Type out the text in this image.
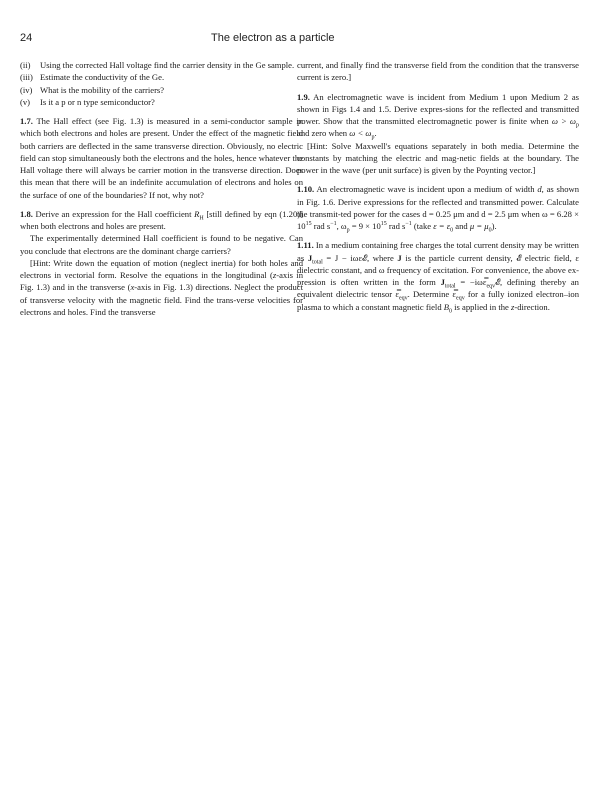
24	The electron as a particle

(ii) Using the corrected Hall voltage find the carrier density in the Ge sample.

(iii) Estimate the conductivity of the Ge.

(iv) What is the mobility of the carriers?

(v) Is it a p or n type semiconductor?

1.7. The Hall effect (see Fig. 1.3) is measured in a semi-conductor sample in which both electrons and holes are present. Under the effect of the magnetic field both carriers are deflected in the same transverse direction. Obviously, no electric field can stop simultaneously both the electrons and the holes, hence whatever the Hall voltage there will always be carrier motion in the transverse direction. Does this mean that there will be an indefinite accumulation of electrons and holes on the surface of one of the boundaries? If not, why not?

1.8. Derive an expression for the Hall coefficient $R_H$ [still defined by eqn (1.20)] when both electrons and holes are present.

The experimentally determined Hall coefficient is found to be negative. Can you conclude that electrons are the dominant charge carriers?

[Hint: Write down the equation of motion (neglect inertia) for both holes and electrons in vectorial form. Resolve the equations in the longitudinal (z-axis in Fig. 1.3) and in the transverse (x-axis in Fig. 1.3) directions. Neglect the product of transverse velocity with the magnetic field. Find the trans-verse velocities for electrons and holes. Find the transverse

current, and finally find the transverse field from the condition that the transverse current is zero.]

1.9. An electromagnetic wave is incident from Medium 1 upon Medium 2 as shown in Figs 1.4 and 1.5. Derive expres-sions for the reflected and transmitted power. Show that the transmitted electromagnetic power is finite when $\omega > \omega_p$ and zero when $\omega < \omega_p$.

[Hint: Solve Maxwell's equations separately in both media. Determine the constants by matching the electric and mag-netic fields at the boundary. The power in the wave (per unit surface) is given by the Poynting vector.]

1.10. An electromagnetic wave is incident upon a medium of width d, as shown in Fig. 1.6. Derive expressions for the reflected and transmitted power. Calculate the transmit-ted power for the cases d = 0.25 μm and d = 2.5 μm when $\omega = 6.28 \times 10^{15}$ rad $s^{-1}$, $\omega_p = 9 \times 10^{15}$ rad $s^{-1}$ (take $\varepsilon = \varepsilon_0$ and $\mu = \mu_0$).

1.11. In a medium containing free charges the total current density may be written as $J_{total} = J$ − iωε𝓔, where J is the particle current density, 𝓔 electric field, ε dielectric constant, and ω frequency of excitation. For convenience, the above ex-pression is often written in the form $J_{total}$ = $-i\omega\varepsilon̿_{eqv}𝓔$, defining thereby an equivalent dielectric tensor $\varepsilon̿_{eqv}$. Determine $\varepsilon̿_{eqv}$ for a fully ionized electron–ion plasma to which a constant magnetic field $B_0$ is applied in the z-direction.
